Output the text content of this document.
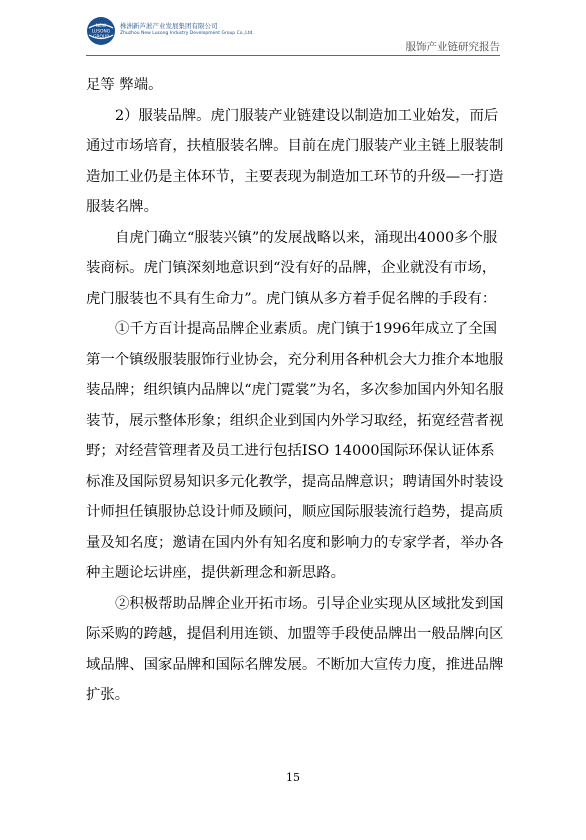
NEW
LUSONG
GROUP
株洲新芦淞产业发展集团有限公司
Zhuzhou New Lusong Industry Development Group Co.,Ltd.
服饰产业链研究报告

足等 弊端。

2）服装品牌。虎门服装产业链建设以制造加工业始发，而后通过市场培育，扶植服装名牌。目前在虎门服装产业主链上服装制造加工业仍是主体环节，主要表现为制造加工环节的升级—一打造服装名牌。

自虎门确立“服装兴镇”的发展战略以来，涌现出4000多个服装商标。虎门镇深刻地意识到“没有好的品牌，企业就没有市场，虎门服装也不具有生命力”。虎门镇从多方着手促名牌的手段有：

①千方百计提高品牌企业素质。虎门镇于1996年成立了全国第一个镇级服装服饰行业协会，充分利用各种机会大力推介本地服装品牌；组织镇内品牌以“虎门霓裳”为名，多次参加国内外知名服装节，展示整体形象；组织企业到国内外学习取经，拓宽经营者视野；对经营管理者及员工进行包括ISO 14000国际环保认证体系标准及国际贸易知识多元化教学，提高品牌意识；聘请国外时装设计师担任镇服协总设计师及顾问，顺应国际服装流行趋势，提高质量及知名度；邀请在国内外有知名度和影响力的专家学者，举办各种主题论坛讲座，提供新理念和新思路。

②积极帮助品牌企业开拓市场。引导企业实现从区域批发到国际采购的跨越，提倡利用连锁、加盟等手段使品牌出一般品牌向区域品牌、国家品牌和国际名牌发展。不断加大宣传力度，推进品牌扩张。

15
